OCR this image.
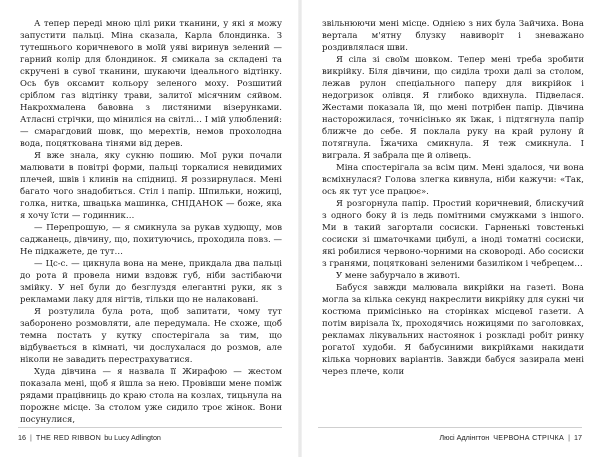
А тепер переді мною цілі рики тканини, у які я можу запустити пальці. Міна сказала, Карла блондинка. З тутешнього коричневого в моїй уяві виринув зелений — гарний колір для блондинок. Я смикала за складені та скручені в сувої тканини, шукаючи ідеального відтінку. Ось був оксамит кольору зеленого моху. Розшитий сріблом газ відтінку трави, залитої місячним сяйвом. Накрохмалена бавовна з листяними візерунками. Атласні стрічки, що міниліся на світлі… І мій улюблений: — смарагдовий шовк, що мерехтів, немов прохолодна вода, поцяткована тінями від дерев.

Я вже знала, яку сукню пошию. Мої руки почали малювати в повітрі форми, пальці торкалися невидимих плечей, швів і клинів на спідниці. Я роззирнулася. Мені багато чого знадобиться. Стіл і папір. Шпильки, ножиці, голка, нитка, швацька машинка, СНІДАНОК — боже, яка я хочу їсти — годинник…

— Перепрошую, — я смикнула за рукав худющу, мов саджанець, дівчину, що, похитуючись, проходила повз. — Не підкажете, де тут…

— Цс-с. — цикнула вона на мене, прикдала два пальці до рота й провела ними вздовж губ, ніби застібаючи змійку. У неї були до безглуздя елегантні руки, як з рекламами лаку для нігтів, тільки що не налакованi.

Я розтулила була рота, щоб запитати, чому тут заборонено розмовляти, але передумала. Не схоже, щоб темна постать у кутку спостерігала за тим, що відбувається в кімнаті, чи дослухалася до розмов, але ніколи не завадить перестрахуватися.

Худа дівчина — я назвала її Жирафою — жестом показала мені, щоб я йшла за нею. Провівши мене поміж рядами працівниць до краю стола на козлах, тицьнула на порожнє місце. За столом уже сидило троє жінок. Вони посунулися,

звільнюючи мені місце. Однією з них була Зайчиха. Вона вертала м'ятну блузку навиворіт і зневажано роздивлялася шви.

Я сіла зі своїм шовком. Тепер мені треба зробити викрійку. Біля дівчини, що сиділа трохи далі за столом, лежав рулон спеціального паперу для викрійок і недогризок олівця. Я глибоко вдихнула. Підвелася. Жестами показала їй, що мені потрібен папір. Дівчина насторожилася, точнісінько як їжак, і підтягнула папір ближче до себе. Я поклала руку на край рулону й потягнула. Їжачиха смикнула. Я теж смикнула. І виграла. Я забрала ще й олівець.

Міна спостерігала за всім цим. Мені здалося, чи вона всміхнулася? Голова злегка кивнула, ніби кажучи: «Так, ось як тут усе працює».

Я розгорнула папір. Простий коричневий, блискучий з одного боку й із ледь помітними смужками з іншого. Ми в такий загортали сосиски. Гарненькі товстенькі сосиски зі шматочками цибулі, а іноді томатні сосиски, які робилися червоно-чорними на сковороді. Або сосиски з гранями, поцятковані зеленими базиліком і чебрецем…

У мене забурчало в животі.

Бабуся завжди малювала викрійки на газеті. Вона могла за кілька секунд накреслити викрійку для сукні чи костюма примісінько на сторінках місцевої газети. А потім вирізала їх, проходячись ножицями по заголовках, рекламах лікувальних настоянок і розкладі робіт ринку рогатої худоби. Я бабусиними викрійками накидати кілька чорнових варіантів. Завжди бабуся зазирала мені через плече, коли

16 | THE RED RIBBON bu Lucy Adlington	Люсі Адлінгтон ЧЕРВОНА СТРІЧКА | 17
